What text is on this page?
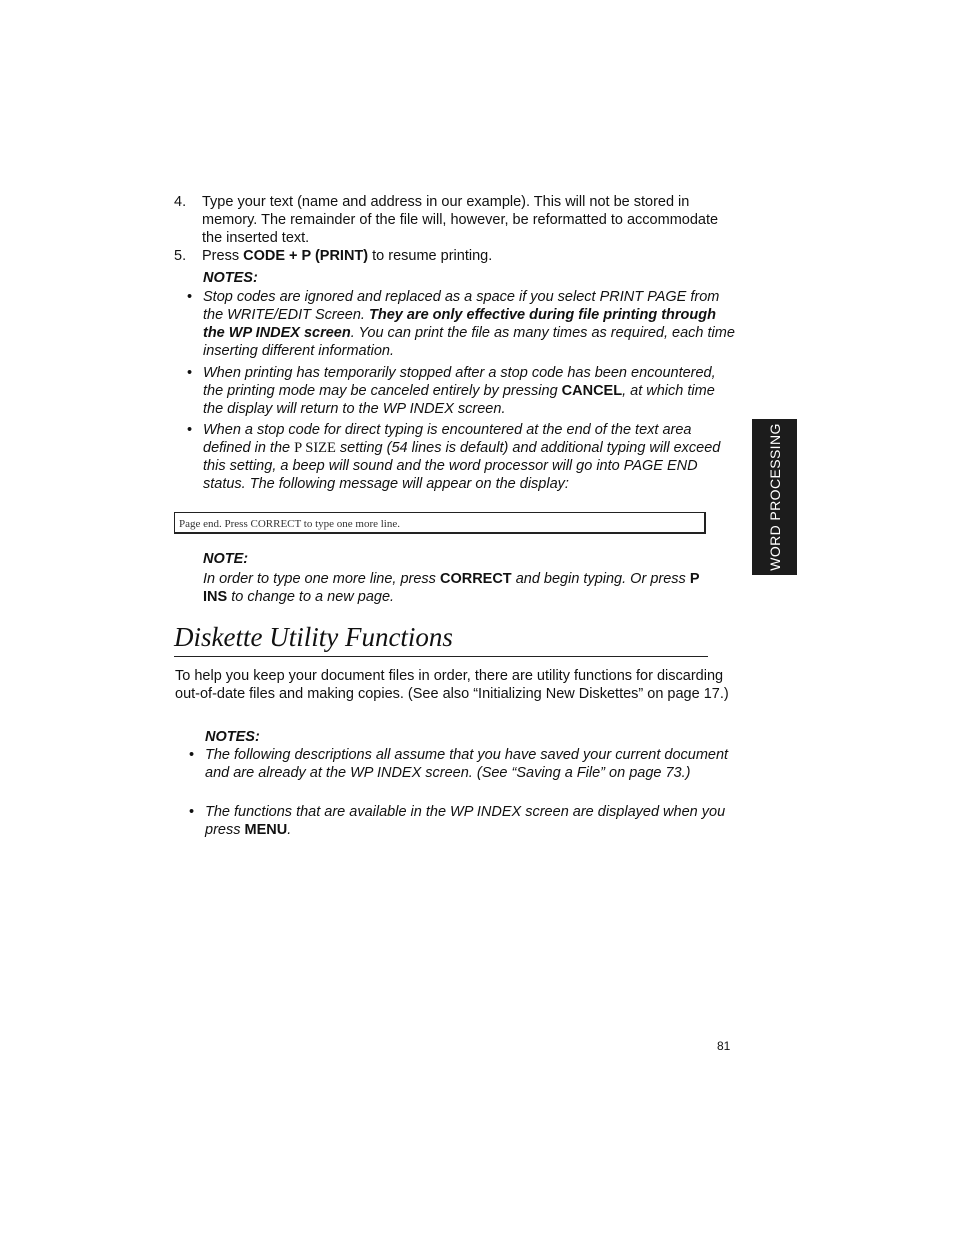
4. Type your text (name and address in our example). This will not be stored in memory. The remainder of the file will, however, be reformatted to accommodate the inserted text.
5. Press CODE + P (PRINT) to resume printing.
NOTES:
• Stop codes are ignored and replaced as a space if you select PRINT PAGE from the WRITE/EDIT Screen. They are only effective during file printing through the WP INDEX screen. You can print the file as many times as required, each time inserting different information.
• When printing has temporarily stopped after a stop code has been encountered, the printing mode may be canceled entirely by pressing CANCEL, at which time the display will return to the WP INDEX screen.
• When a stop code for direct typing is encountered at the end of the text area defined in the P SIZE setting (54 lines is default) and additional typing will exceed this setting, a beep will sound and the word processor will go into PAGE END status. The following message will appear on the display:
Page end. Press CORRECT to type one more line.
NOTE:
In order to type one more line, press CORRECT and begin typing. Or press P INS to change to a new page.
Diskette Utility Functions
To help you keep your document files in order, there are utility functions for discarding out-of-date files and making copies. (See also “Initializing New Diskettes” on page 17.)
NOTES:
• The following descriptions all assume that you have saved your current document and are already at the WP INDEX screen. (See “Saving a File” on page 73.)
• The functions that are available in the WP INDEX screen are displayed when you press MENU.
WORD PROCESSING
81
